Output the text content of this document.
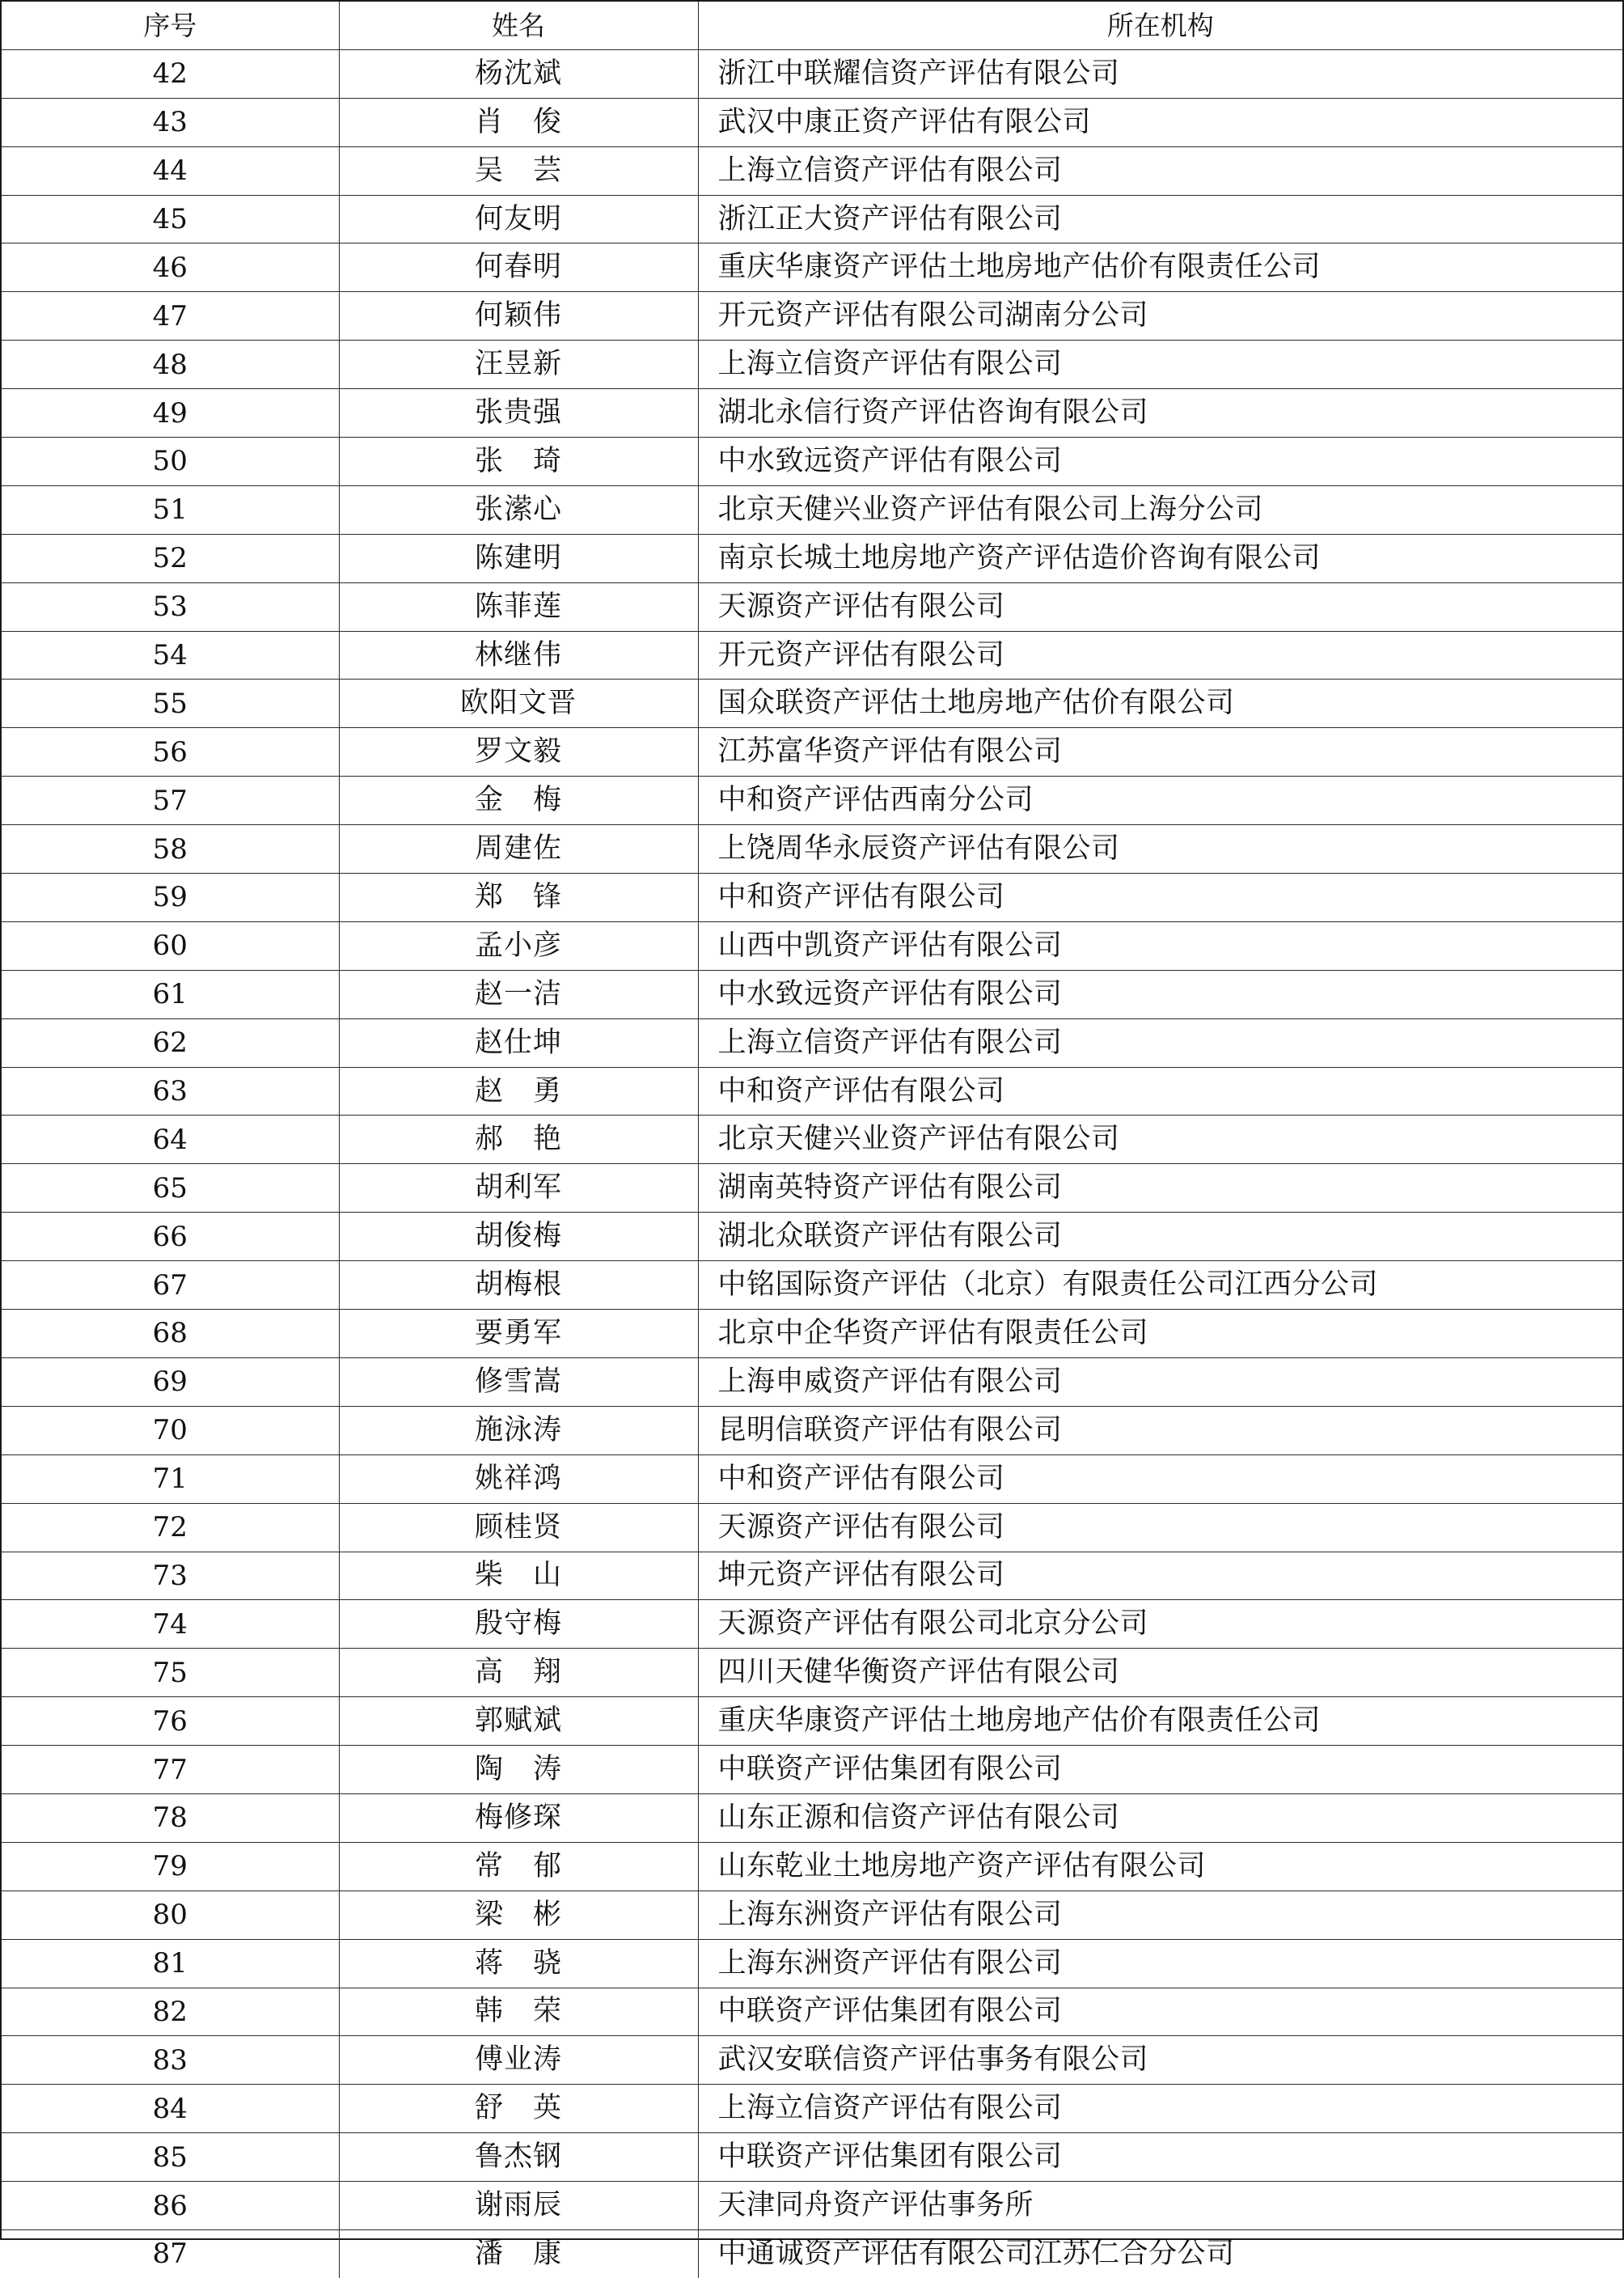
序号	姓名	所在机构
42	杨沈斌	浙江中联耀信资产评估有限公司
43	肖　俊	武汉中康正资产评估有限公司
44	吴　芸	上海立信资产评估有限公司
45	何友明	浙江正大资产评估有限公司
46	何春明	重庆华康资产评估土地房地产估价有限责任公司
47	何颖伟	开元资产评估有限公司湖南分公司
48	汪昱新	上海立信资产评估有限公司
49	张贵强	湖北永信行资产评估咨询有限公司
50	张　琦	中水致远资产评估有限公司
51	张潆心	北京天健兴业资产评估有限公司上海分公司
52	陈建明	南京长城土地房地产资产评估造价咨询有限公司
53	陈菲莲	天源资产评估有限公司
54	林继伟	开元资产评估有限公司
55	欧阳文晋	国众联资产评估土地房地产估价有限公司
56	罗文毅	江苏富华资产评估有限公司
57	金　梅	中和资产评估西南分公司
58	周建佐	上饶周华永辰资产评估有限公司
59	郑　锋	中和资产评估有限公司
60	孟小彦	山西中凯资产评估有限公司
61	赵一洁	中水致远资产评估有限公司
62	赵仕坤	上海立信资产评估有限公司
63	赵　勇	中和资产评估有限公司
64	郝　艳	北京天健兴业资产评估有限公司
65	胡利军	湖南英特资产评估有限公司
66	胡俊梅	湖北众联资产评估有限公司
67	胡梅根	中铭国际资产评估（北京）有限责任公司江西分公司
68	要勇军	北京中企华资产评估有限责任公司
69	修雪嵩	上海申威资产评估有限公司
70	施泳涛	昆明信联资产评估有限公司
71	姚祥鸿	中和资产评估有限公司
72	顾桂贤	天源资产评估有限公司
73	柴　山	坤元资产评估有限公司
74	殷守梅	天源资产评估有限公司北京分公司
75	高　翔	四川天健华衡资产评估有限公司
76	郭赋斌	重庆华康资产评估土地房地产估价有限责任公司
77	陶　涛	中联资产评估集团有限公司
78	梅修琛	山东正源和信资产评估有限公司
79	常　郁	山东乾业土地房地产资产评估有限公司
80	梁　彬	上海东洲资产评估有限公司
81	蒋　骁	上海东洲资产评估有限公司
82	韩　荣	中联资产评估集团有限公司
83	傅业涛	武汉安联信资产评估事务有限公司
84	舒　英	上海立信资产评估有限公司
85	鲁杰钢	中联资产评估集团有限公司
86	谢雨辰	天津同舟资产评估事务所
87	潘　康	中通诚资产评估有限公司江苏仁合分公司
